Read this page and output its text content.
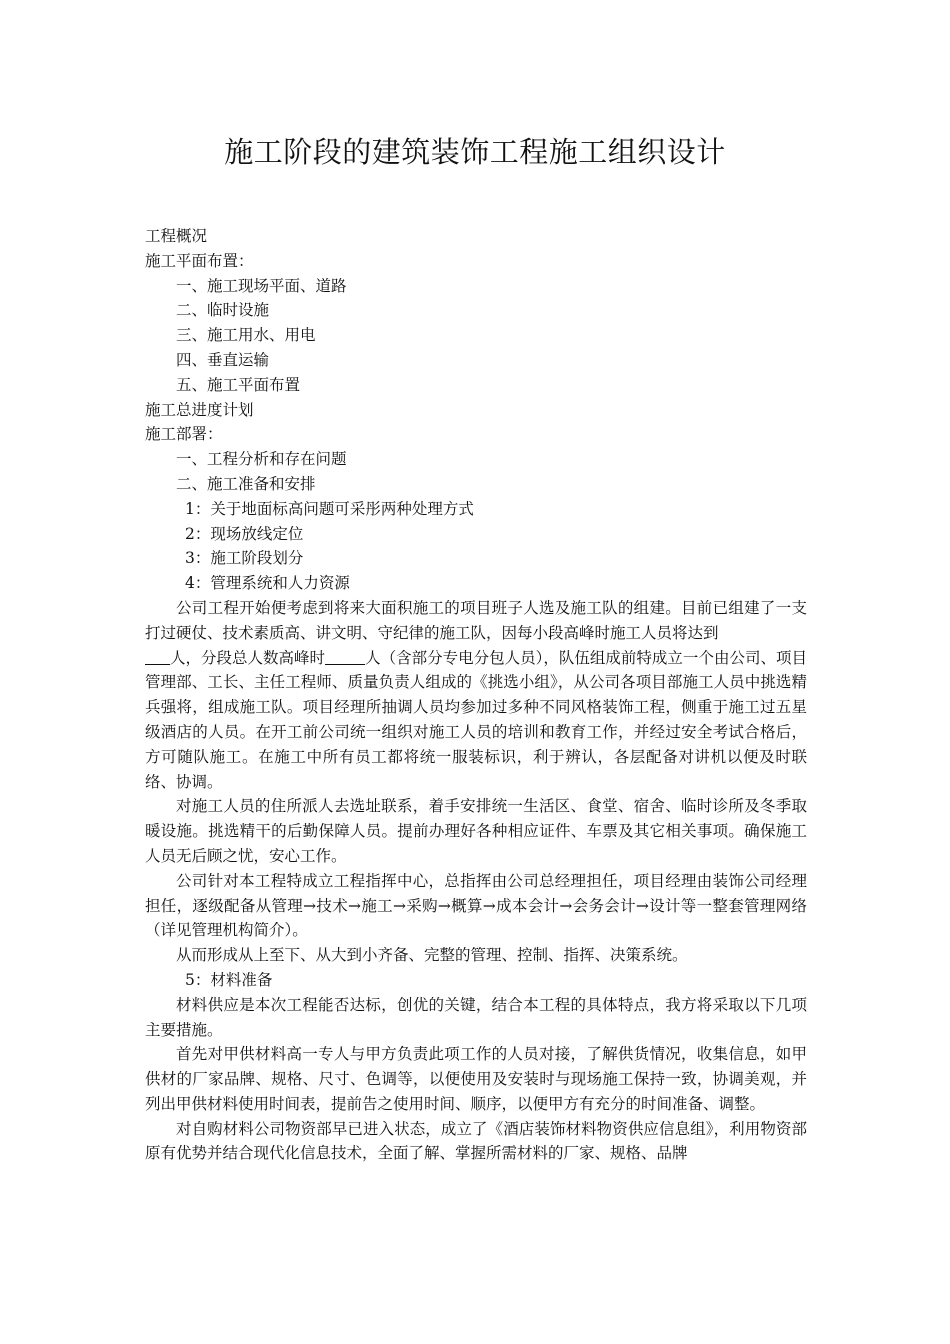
施工阶段的建筑装饰工程施工组织设计
工程概况
施工平面布置：
一、施工现场平面、道路
二、临时设施
三、施工用水、用电
四、垂直运输
五、施工平面布置
施工总进度计划
施工部署：
一、工程分析和存在问题
二、施工准备和安排
1：关于地面标高问题可采彤两种处理方式
2：现场放线定位
3：施工阶段划分
4：管理系统和人力资源

公司工程开始便考虑到将来大面积施工的项目班子人选及施工队的组建。目前已组建了一支打过硬仗、技术素质高、讲文明、守纪律的施工队，因每小段高峰时施工人员将达到

人，分段总人数高峰时	人（含部分专电分包人员），队伍组成前特成立一个由公司、项目管理部、工长、主任工程师、质量负责人组成的《挑选小组》，从公司各项目部施工人员中挑选精兵强将，组成施工队。项目经理所抽调人员均参加过多种不同风格装饰工程，侧重于施工过五星级酒店的人员。在开工前公司统一组织对施工人员的培训和教育工作，并经过安全考试合格后，方可随队施工。在施工中所有员工都将统一服装标识，利于辨认，各层配备对讲机以便及时联络、协调。

对施工人员的住所派人去选址联系，着手安排统一生活区、食堂、宿舍、临时诊所及冬季取暖设施。挑选精干的后勤保障人员。提前办理好各种相应证件、车票及其它相关事项。确保施工人员无后顾之忧，安心工作。

公司针对本工程特成立工程指挥中心，总指挥由公司总经理担任，项目经理由装饰公司经理担任，逐级配备从管理→技术→施工→采购→概算→成本会计→会务会计→设计等一整套管理网络（详见管理机构简介）。

从而形成从上至下、从大到小齐备、完整的管理、控制、指挥、决策系统。

5：材料准备

材料供应是本次工程能否达标，创优的关键，结合本工程的具体特点，我方将采取以下几项主要措施。

首先对甲供材料高一专人与甲方负责此项工作的人员对接，了解供货情况，收集信息，如甲供材的厂家品牌、规格、尺寸、色调等，以便使用及安装时与现场施工保持一致，协调美观，并列出甲供材料使用时间表，提前告之使用时间、顺序，以便甲方有充分的时间准备、调整。

对自购材料公司物资部早已进入状态，成立了《酒店装饰材料物资供应信息组》，利用物资部原有优势并结合现代化信息技术，全面了解、掌握所需材料的厂家、规格、品牌
